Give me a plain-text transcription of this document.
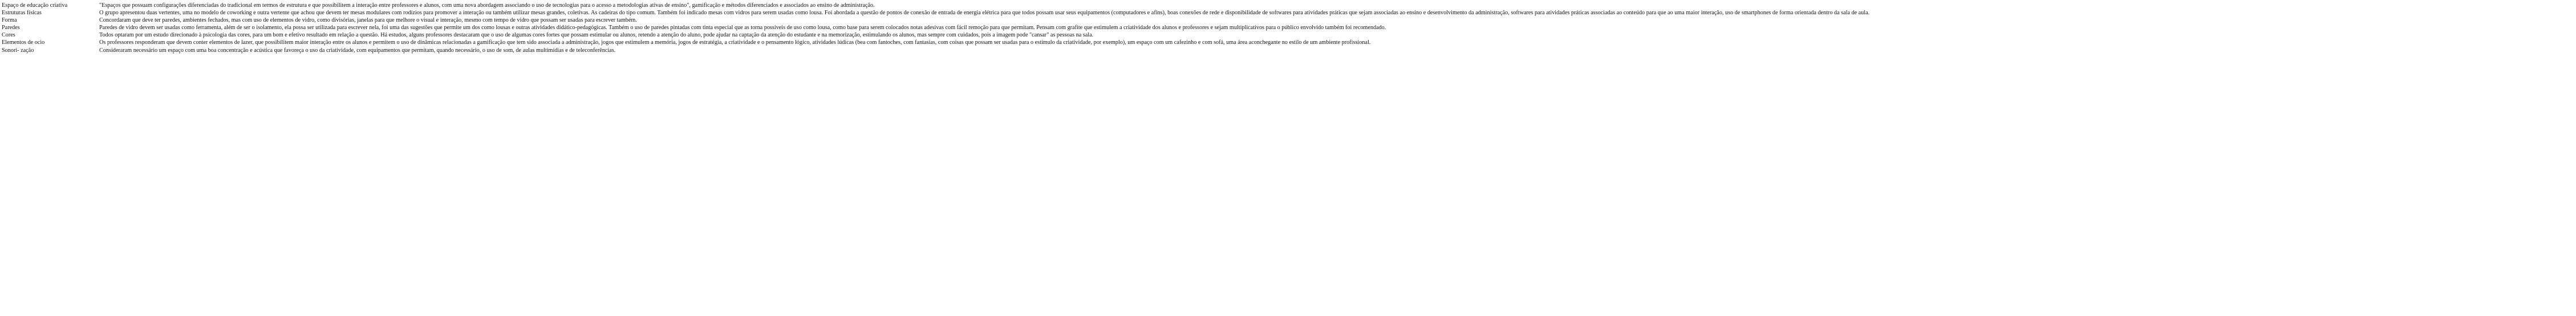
Espaço de educação criativa	"Espaços que possuam configurações diferenciadas do tradicional em termos de estrutura e que possibilitem a interação entre professores e alunos, com uma nova abordagem associando o uso de tecnologias para o acesso a metodologias ativas de ensino", gamificação e métodos diferenciados e associados ao ensino de administração.
Estruturas físicas	O grupo apresentou duas vertentes, uma no modelo de coworking e outra vertente que achou que devem ter mesas modulares com rodízios para promover a interação ou também utilizar mesas grandes, coletivas. As cadeiras do tipo comum. Também foi indicado mesas com vidros para serem usadas como lousa. Foi abordada a questão de pontos de conexão de entrada de energia elétrica para que todos possam usar seus equipamentos (computadores e afins), boas conexões de rede e disponibilidade de softwares para atividades práticas que sejam associadas ao ensino e desenvolvimento da administração, softwares para atividades práticas associadas ao conteúdo para que ao uma maior interação, uso de smartphones de forma orientada dentro da sala de aula.
Forma	Concordaram que deve ter paredes, ambientes fechados, mas com uso de elementos de vidro, como divisórias, janelas para que melhore o visual e interação, mesmo com tempo de vidro que possam ser usadas para escrever também.
Paredes	Paredes de vidro devem ser usadas como ferramenta, além de ser o isolamento, ela possa ser utilizada para escrever nela, foi uma das sugestões que permite um dos como lousas e outras atividades didático-pedagógicas. Também o uso de paredes pintadas com tinta especial que as torna possíveis de uso como lousa, como base para serem colocados notas adesivas com fácil remoção para que permitam. Pensam com grafite que estimulem a criatividade dos alunos e professores e sejam multiplicativos para o público envolvido também foi recomendado.
Cores	Todos optaram por um estudo direcionado à psicologia das cores, para um bom e efetivo resultado em relação a questão. Há estudos, alguns professores destacaram que o uso de algumas cores fortes que possam estimular ou alunos, retendo a atenção do aluno, pode ajudar na captação da atenção do estudante e na memorização, estimulando os alunos, mas sempre com cuidados, pois a imagem pode "cansar" as pessoas na sala.
Elementos de ocio	Os professores responderam que devem conter elementos de lazer, que possibilitem maior interação entre os alunos e permitem o uso de dinâmicas relacionadas a gamificação que tem sido associada a administração, jogos que estimulem a memória, jogos de estratégia, a criatividade e o pensamento lógico, atividades lúdicas (bea com fantoches, com fantasias, com coisas que possam ser usadas para o estímulo da criatividade, por exemplo), um espaço com um cafezinho e com sofá, uma área aconchegante no estilo de um ambiente profissional.
Sonori- zação	Consideraram necessário um espaço com uma boa concentração e acústica que favoreça o uso da criatividade, com equipamentos que permitam, quando necessário, o uso de som, de aulas multimídias e de teleconferências.
